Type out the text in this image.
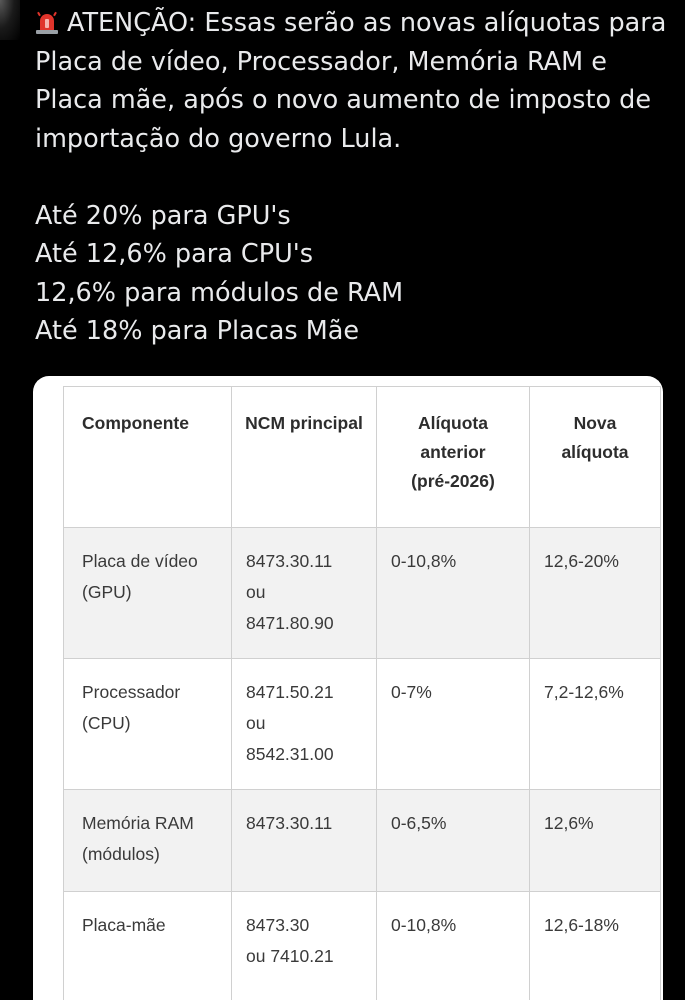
ATENÇÃO: Essas serão as novas alíquotas para Placa de vídeo, Processador, Memória RAM e Placa mãe, após o novo aumento de imposto de importação do governo Lula.

Até 20% para GPU's

Até 12,6% para CPU's

12,6% para módulos de RAM

Até 18% para Placas Mãe

Componente	NCM principal	Alíquota anterior (pré-2026)	Nova alíquota

Placa de vídeo (GPU)	8473.30.11
ou
8471.80.90	0-10,8%	12,6-20%

Processador (CPU)	8471.50.21
ou
8542.31.00	0-7%	7,2-12,6%

Memória RAM (módulos)	8473.30.11	0-6,5%	12,6%

Placa-mãe	8473.30
ou 7410.21	0-10,8%	12,6-18%
